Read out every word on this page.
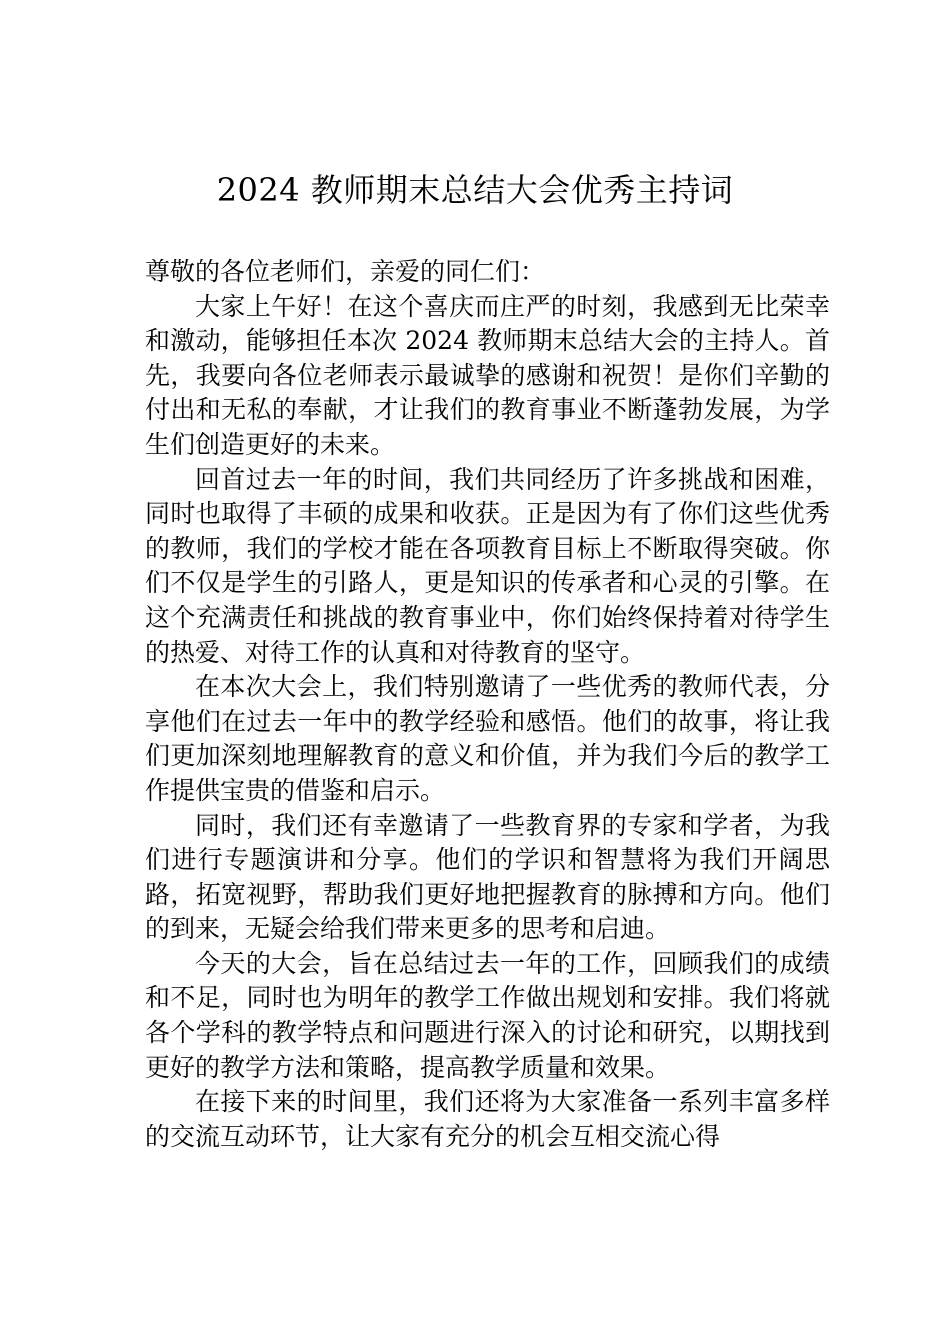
2024 教师期末总结大会优秀主持词

尊敬的各位老师们，亲爱的同仁们：

大家上午好！在这个喜庆而庄严的时刻，我感到无比荣幸和激动，能够担任本次 2024 教师期末总结大会的主持人。首先，我要向各位老师表示最诚挚的感谢和祝贺！是你们辛勤的付出和无私的奉献，才让我们的教育事业不断蓬勃发展，为学生们创造更好的未来。

回首过去一年的时间，我们共同经历了许多挑战和困难，同时也取得了丰硕的成果和收获。正是因为有了你们这些优秀的教师，我们的学校才能在各项教育目标上不断取得突破。你们不仅是学生的引路人，更是知识的传承者和心灵的引擎。在这个充满责任和挑战的教育事业中，你们始终保持着对待学生的热爱、对待工作的认真和对待教育的坚守。

在本次大会上，我们特别邀请了一些优秀的教师代表，分享他们在过去一年中的教学经验和感悟。他们的故事，将让我们更加深刻地理解教育的意义和价值，并为我们今后的教学工作提供宝贵的借鉴和启示。

同时，我们还有幸邀请了一些教育界的专家和学者，为我们进行专题演讲和分享。他们的学识和智慧将为我们开阔思路，拓宽视野，帮助我们更好地把握教育的脉搏和方向。他们的到来，无疑会给我们带来更多的思考和启迪。

今天的大会，旨在总结过去一年的工作，回顾我们的成绩和不足，同时也为明年的教学工作做出规划和安排。我们将就各个学科的教学特点和问题进行深入的讨论和研究，以期找到更好的教学方法和策略，提高教学质量和效果。

在接下来的时间里，我们还将为大家准备一系列丰富多样的交流互动环节，让大家有充分的机会互相交流心得
